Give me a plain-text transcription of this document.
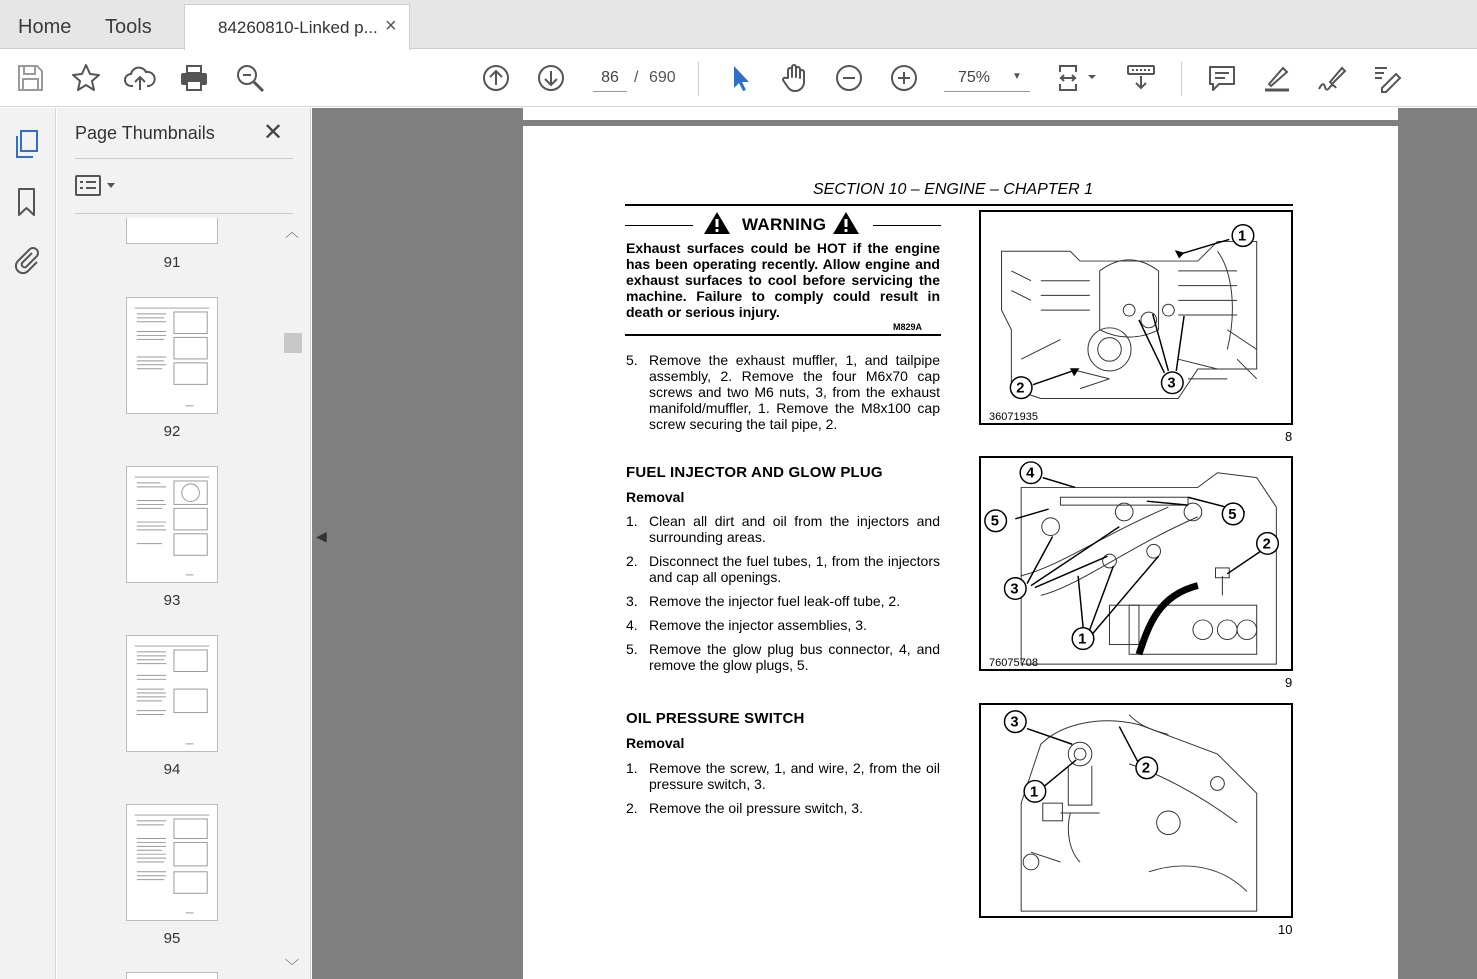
Home Tools	84260810-Linked p... ×
86
/ 690	75% ▼
Page Thumbnails ✕
91
92
93
94
95
︿
﹀
◀
SECTION 10 – ENGINE – CHAPTER 1
WARNING
Exhaust surfaces could be HOT if the engine has been operating recently. Allow engine and exhaust surfaces to cool before servicing the machine. Failure to comply could result in death or serious injury.
M829A
5. Remove the exhaust muffler, 1, and tailpipe assembly, 2. Remove the four M6x70 cap screws and two M6 nuts, 3, from the exhaust manifold/muffler, 1. Remove the M8x100 cap screw securing the tail pipe, 2.
FUEL INJECTOR AND GLOW PLUG
Removal
1. Clean all dirt and oil from the injectors and surrounding areas.
2. Disconnect the fuel tubes, 1, from the injectors and cap all openings.
3. Remove the injector fuel leak-off tube, 2.
4. Remove the injector assemblies, 3.
5. Remove the glow plug bus connector, 4, and remove the glow plugs, 5.
OIL PRESSURE SWITCH
Removal
1. Remove the screw, 1, and wire, 2, from the oil pressure switch, 3.
2. Remove the oil pressure switch, 3.
1
2	3
36071935
8
4
5	5
2
3
1
76075708
9
3
2
1
10
